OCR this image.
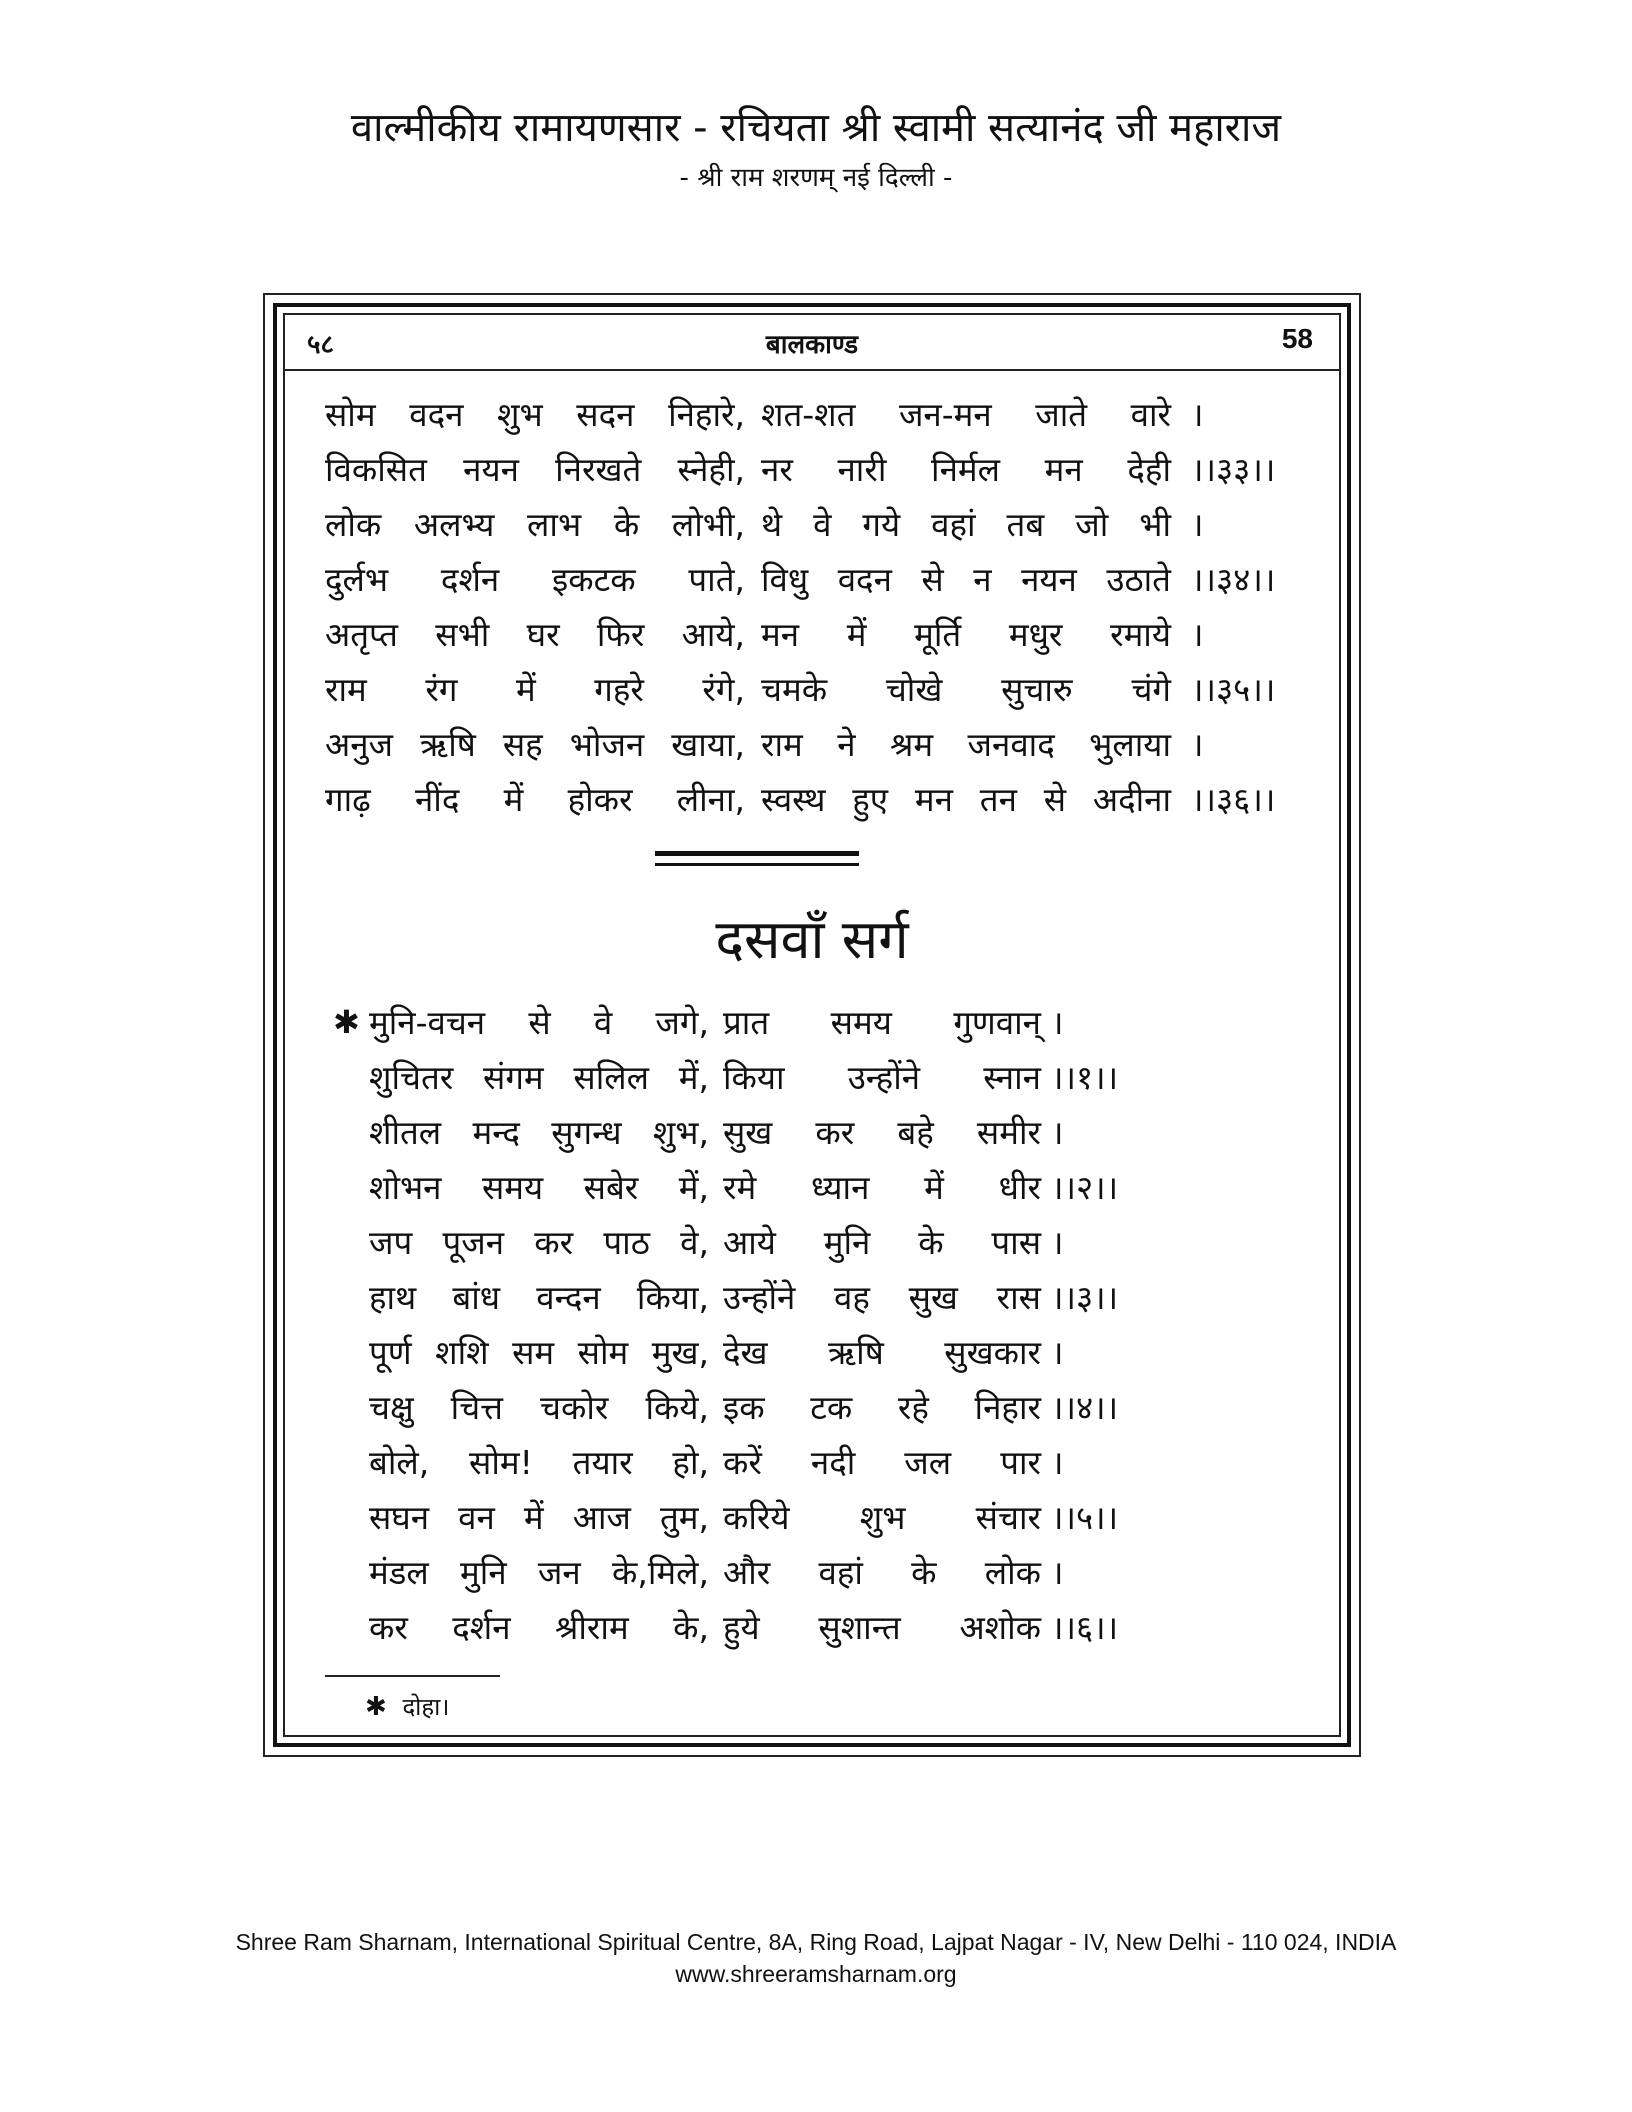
वाल्मीकीय रामायणसार - रचियता श्री स्वामी सत्यानंद जी महाराज
- श्री राम शरणम् नई दिल्ली -
५८	बालकाण्ड	58
सोम वदन शुभ सदन निहारे, शत-शत जन-मन जाते वारे ।
विकसित नयन निरखते स्नेही, नर नारी निर्मल मन देही ।।३३।।
लोक अलभ्य लाभ के लोभी, थे वे गये वहां तब जो भी ।
दुर्लभ दर्शन इकटक पाते, विधु वदन से न नयन उठाते ।।३४।।
अतृप्त सभी घर फिर आये, मन में मूर्ति मधुर रमाये ।
राम रंग में गहरे रंगे, चमके चोखे सुचारु चंगे ।।३५।।
अनुज ऋषि सह भोजन खाया, राम ने श्रम जनवाद भुलाया ।
गाढ़ नींद में होकर लीना, स्वस्थ हुए मन तन से अदीना ।।३६।।
दसवाँ सर्ग
✱ मुनि-वचन से वे जगे, प्रात समय गुणवान् ।
शुचितर संगम सलिल में, किया उन्होंने स्नान ।।१।।
शीतल मन्द सुगन्ध शुभ, सुख कर बहे समीर ।
शोभन समय सबेर में, रमे ध्यान में धीर ।।२।।
जप पूजन कर पाठ वे, आये मुनि के पास ।
हाथ बांध वन्दन किया, उन्होंने वह सुख रास ।।३।।
पूर्ण शशि सम सोम मुख, देख ऋषि सुखकार ।
चक्षु चित्त चकोर किये, इक टक रहे निहार ।।४।।
बोले, सोम! तयार हो, करें नदी जल पार ।
सघन वन में आज तुम, करिये शुभ संचार ।।५।।
मंडल मुनि जन के,मिले, और वहां के लोक ।
कर दर्शन श्रीराम के, हुये सुशान्त अशोक ।।६।।
✱ दोहा।
Shree Ram Sharnam, International Spiritual Centre, 8A, Ring Road, Lajpat Nagar - IV, New Delhi - 110 024, INDIA
www.shreeramsharnam.org
